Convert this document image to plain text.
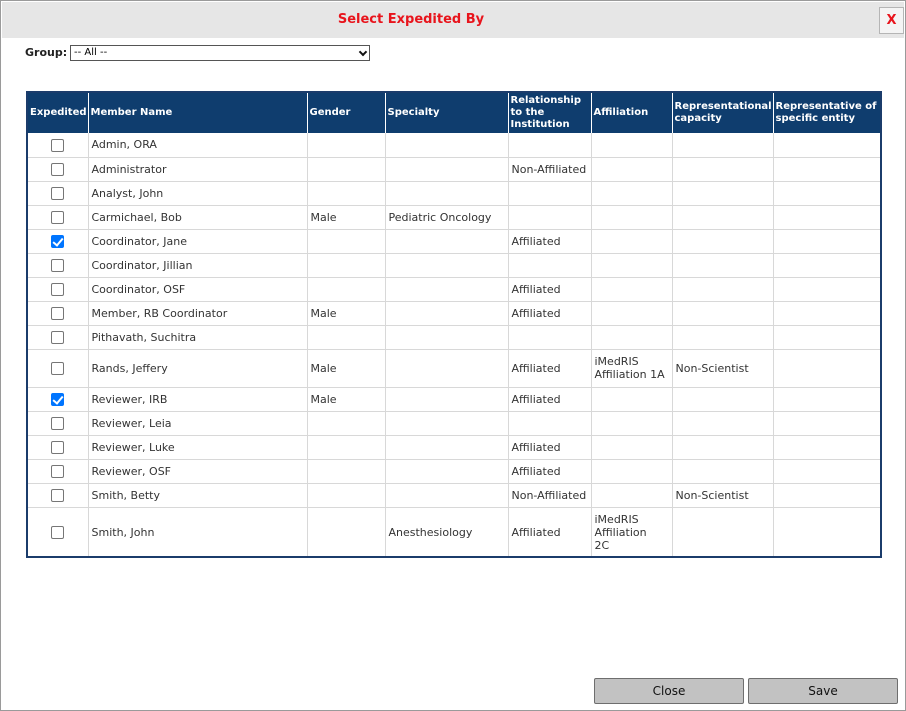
Select Expedited By	X
Group: -- All --
Expedited	Member Name	Gender	Specialty	Relationship to the Institution	Affiliation	Representational capacity	Representative of specific entity
	Admin, ORA						
	Administrator			Non-Affiliated			
	Analyst, John						
	Carmichael, Bob	Male	Pediatric Oncology				
	Coordinator, Jane			Affiliated			
	Coordinator, Jillian						
	Coordinator, OSF			Affiliated			
	Member, RB Coordinator	Male		Affiliated			
	Pithavath, Suchitra						
	Rands, Jeffery	Male		Affiliated	iMedRIS Affiliation 1A	Non-Scientist	
	Reviewer, IRB	Male		Affiliated			
	Reviewer, Leia						
	Reviewer, Luke			Affiliated			
	Reviewer, OSF			Affiliated			
	Smith, Betty			Non-Affiliated		Non-Scientist	
	Smith, John		Anesthesiology	Affiliated	iMedRIS Affiliation 2C		
Close	Save
